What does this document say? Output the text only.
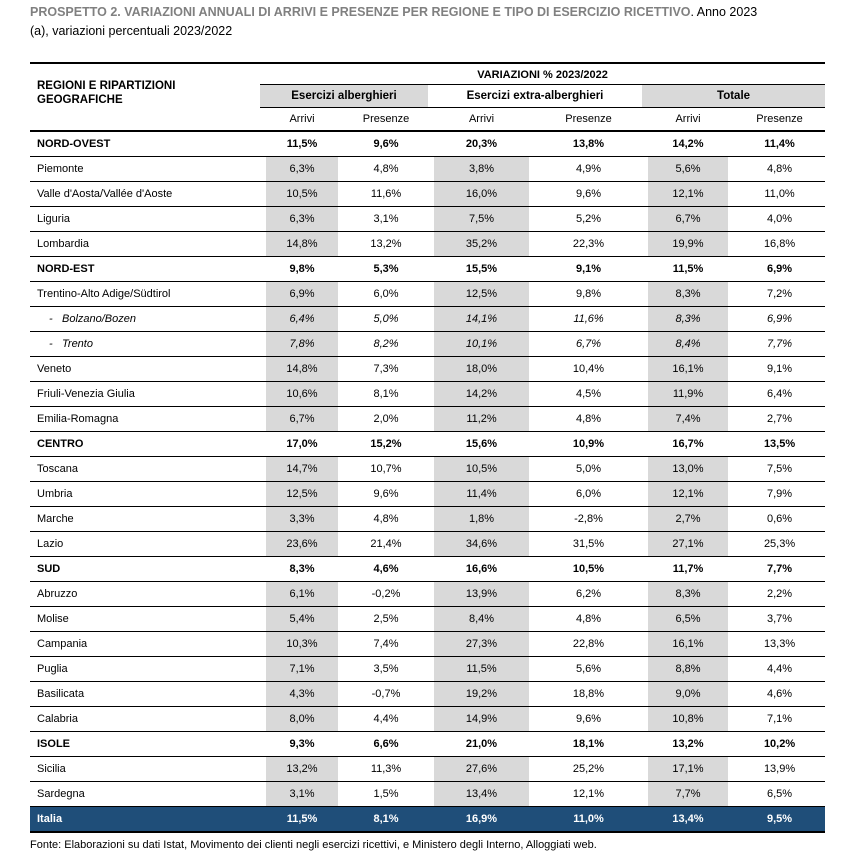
PROSPETTO 2. VARIAZIONI ANNUALI DI ARRIVI E PRESENZE PER REGIONE E TIPO DI ESERCIZIO RICETTIVO. Anno 2023
(a), variazioni percentuali 2023/2022

REGIONI E RIPARTIZIONI GEOGRAFICHE	VARIAZIONI % 2023/2022					
	Esercizi alberghieri		Esercizi extra-alberghieri		Totale	
	Arrivi	Presenze	Arrivi	Presenze	Arrivi	Presenze
NORD-OVEST	11,5%	9,6%	20,3%	13,8%	14,2%	11,4%
Piemonte	6,3%	4,8%	3,8%	4,9%	5,6%	4,8%
Valle d'Aosta/Vallée d'Aoste	10,5%	11,6%	16,0%	9,6%	12,1%	11,0%
Liguria	6,3%	3,1%	7,5%	5,2%	6,7%	4,0%
Lombardia	14,8%	13,2%	35,2%	22,3%	19,9%	16,8%
NORD-EST	9,8%	5,3%	15,5%	9,1%	11,5%	6,9%
Trentino-Alto Adige/Südtirol	6,9%	6,0%	12,5%	9,8%	8,3%	7,2%
- Bolzano/Bozen	6,4%	5,0%	14,1%	11,6%	8,3%	6,9%
- Trento	7,8%	8,2%	10,1%	6,7%	8,4%	7,7%
Veneto	14,8%	7,3%	18,0%	10,4%	16,1%	9,1%
Friuli-Venezia Giulia	10,6%	8,1%	14,2%	4,5%	11,9%	6,4%
Emilia-Romagna	6,7%	2,0%	11,2%	4,8%	7,4%	2,7%
CENTRO	17,0%	15,2%	15,6%	10,9%	16,7%	13,5%
Toscana	14,7%	10,7%	10,5%	5,0%	13,0%	7,5%
Umbria	12,5%	9,6%	11,4%	6,0%	12,1%	7,9%
Marche	3,3%	4,8%	1,8%	-2,8%	2,7%	0,6%
Lazio	23,6%	21,4%	34,6%	31,5%	27,1%	25,3%
SUD	8,3%	4,6%	16,6%	10,5%	11,7%	7,7%
Abruzzo	6,1%	-0,2%	13,9%	6,2%	8,3%	2,2%
Molise	5,4%	2,5%	8,4%	4,8%	6,5%	3,7%
Campania	10,3%	7,4%	27,3%	22,8%	16,1%	13,3%
Puglia	7,1%	3,5%	11,5%	5,6%	8,8%	4,4%
Basilicata	4,3%	-0,7%	19,2%	18,8%	9,0%	4,6%
Calabria	8,0%	4,4%	14,9%	9,6%	10,8%	7,1%
ISOLE	9,3%	6,6%	21,0%	18,1%	13,2%	10,2%
Sicilia	13,2%	11,3%	27,6%	25,2%	17,1%	13,9%
Sardegna	3,1%	1,5%	13,4%	12,1%	7,7%	6,5%
Italia	11,5%	8,1%	16,9%	11,0%	13,4%	9,5%

Fonte: Elaborazioni su dati Istat, Movimento dei clienti negli esercizi ricettivi, e Ministero degli Interno, Alloggiati web.
